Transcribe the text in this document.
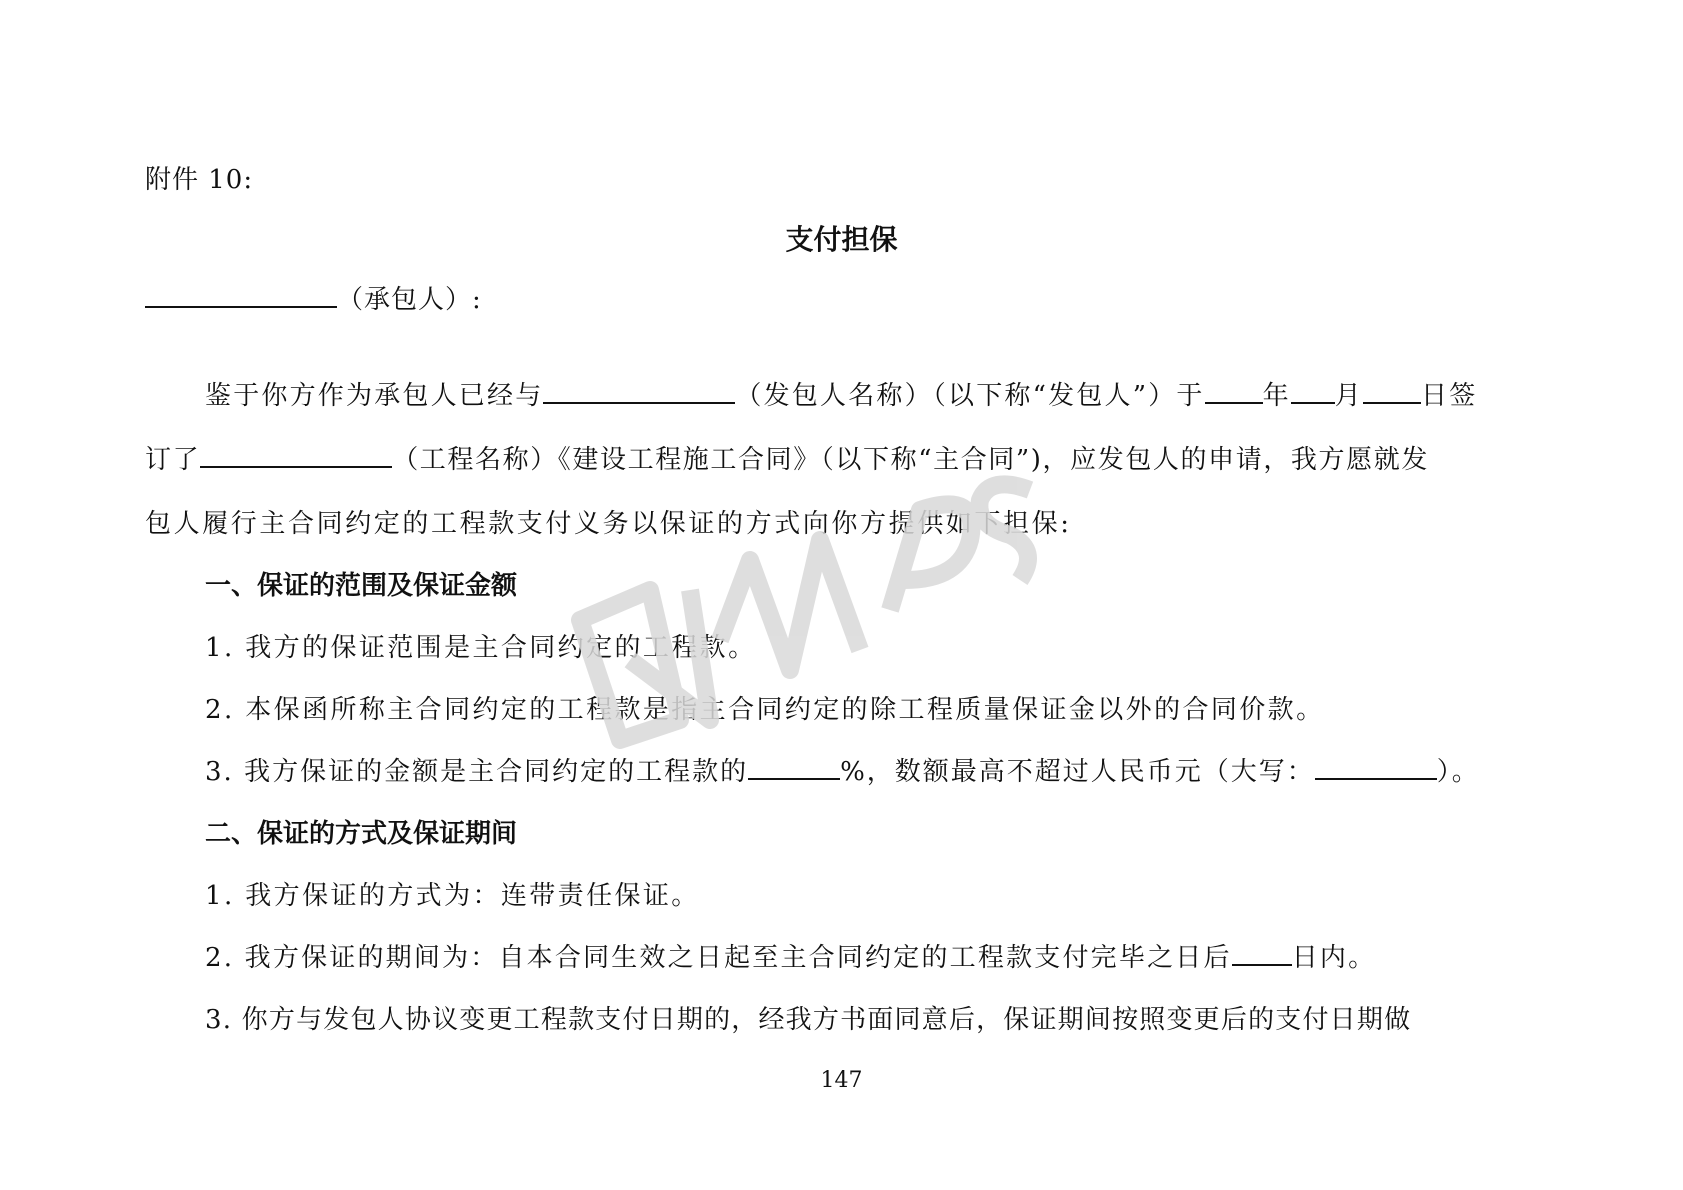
附件 10:
支付担保
（承包人）:
鉴于你方作为承包人已经与	（发包人名称）（以下称“发包人”）于 年 月 日签
订了	（工程名称）《建设工程施工合同》（以下称“主合同”)，应发包人的申请，我方愿就发
包人履行主合同约定的工程款支付义务以保证的方式向你方提供如下担保:
一、保证的范围及保证金额
1. 我方的保证范围是主合同约定的工程款。
2. 本保函所称主合同约定的工程款是指主合同约定的除工程质量保证金以外的合同价款。
3. 我方保证的金额是主合同约定的工程款的	%，数额最高不超过人民币元（大写：	）。
二、保证的方式及保证期间
1. 我方保证的方式为：连带责任保证。
2. 我方保证的期间为：自本合同生效之日起至主合同约定的工程款支付完毕之日后 日内。
3. 你方与发包人协议变更工程款支付日期的，经我方书面同意后，保证期间按照变更后的支付日期做
147
